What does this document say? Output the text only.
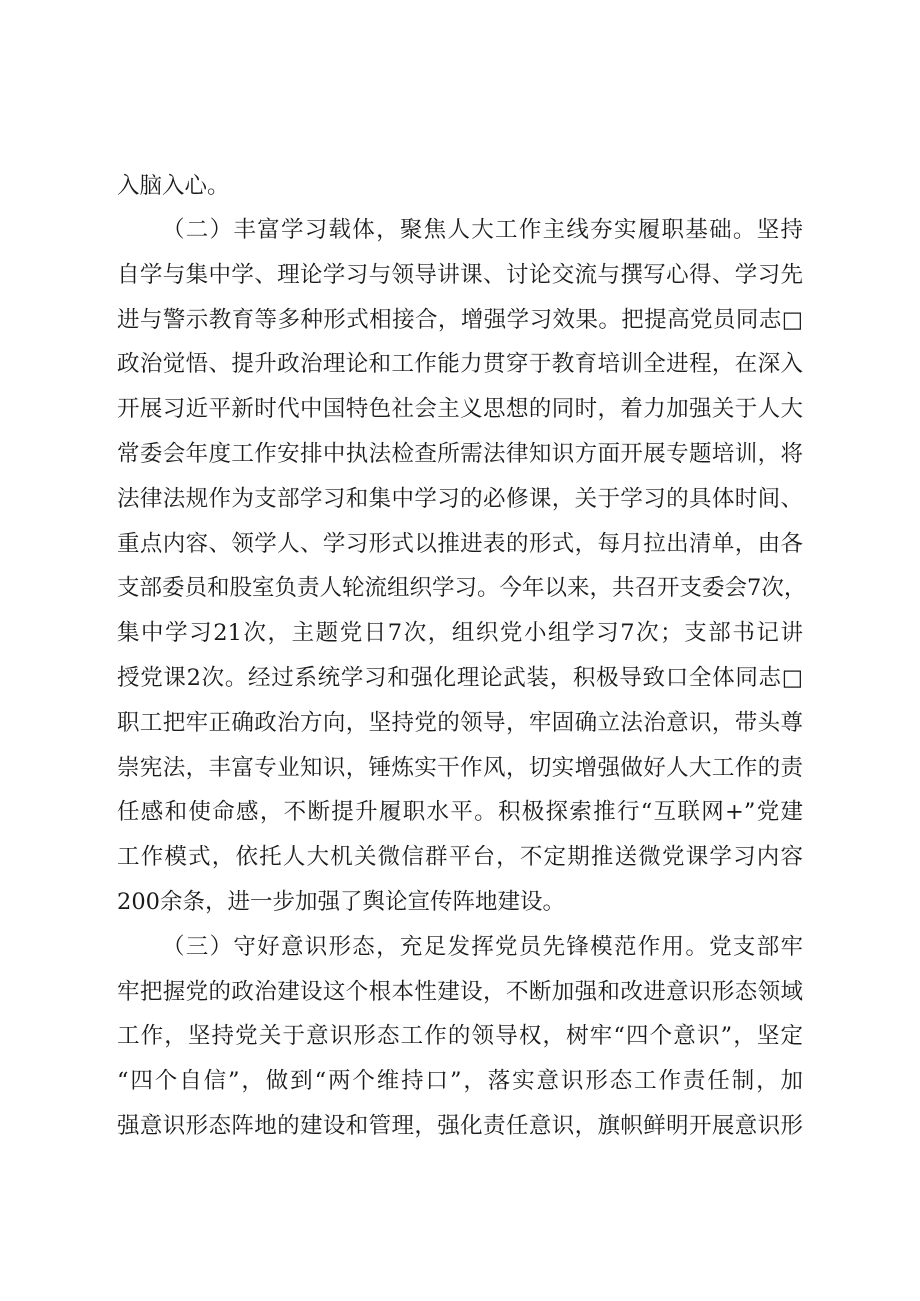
入脑入心。
（二）丰富学习载体，聚焦人大工作主线夯实履职基础。坚持
自学与集中学、理论学习与领导讲课、讨论交流与撰写心得、学习先
进与警示教育等多种形式相接合，增强学习效果。把提高党员同志□
政治觉悟、提升政治理论和工作能力贯穿于教育培训全进程，在深入
开展习近平新时代中国特色社会主义思想的同时，着力加强关于人大
常委会年度工作安排中执法检查所需法律知识方面开展专题培训，将
法律法规作为支部学习和集中学习的必修课，关于学习的具体时间、
重点内容、领学人、学习形式以推进表的形式，每月拉出清单，由各
支部委员和股室负责人轮流组织学习。今年以来，共召开支委会7次，
集中学习21次，主题党日7次，组织党小组学习7次；支部书记讲
授党课2次。经过系统学习和强化理论武装，积极导致口全体同志□
职工把牢正确政治方向，坚持党的领导，牢固确立法治意识，带头尊
崇宪法，丰富专业知识，锤炼实干作风，切实增强做好人大工作的责
任感和使命感，不断提升履职水平。积极探索推行“互联网+”党建
工作模式，依托人大机关微信群平台，不定期推送微党课学习内容
200余条，进一步加强了舆论宣传阵地建设。
（三）守好意识形态，充足发挥党员先锋模范作用。党支部牢
牢把握党的政治建设这个根本性建设，不断加强和改进意识形态领域
工作，坚持党关于意识形态工作的领导权，树牢“四个意识”，坚定
“四个自信”，做到“两个维持口”，落实意识形态工作责任制，加
强意识形态阵地的建设和管理，强化责任意识，旗帜鲜明开展意识形
